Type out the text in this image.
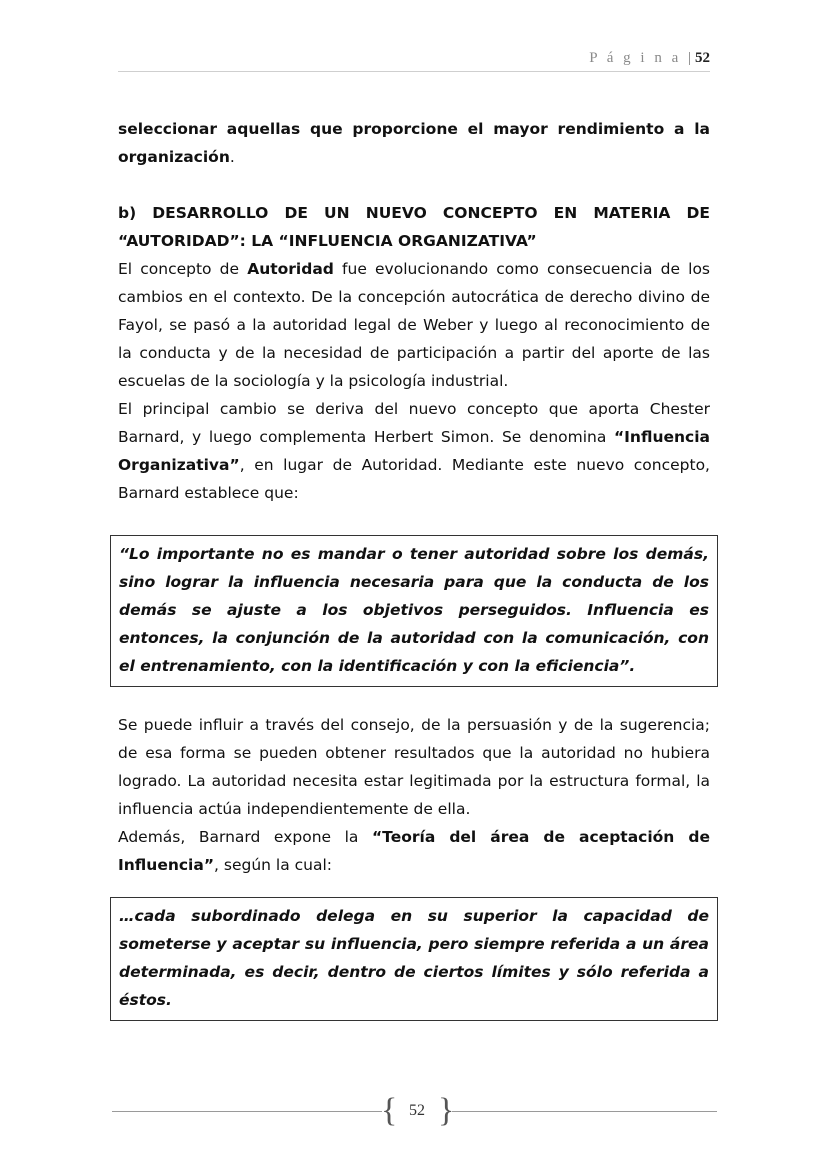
P á g i n a | 52

seleccionar aquellas que proporcione el mayor rendimiento a la organización.

b) DESARROLLO DE UN NUEVO CONCEPTO EN MATERIA DE “AUTORIDAD”: LA “INFLUENCIA ORGANIZATIVA”

El concepto de Autoridad fue evolucionando como consecuencia de los cambios en el contexto. De la concepción autocrática de derecho divino de Fayol, se pasó a la autoridad legal de Weber y luego al reconocimiento de la conducta y de la necesidad de participación a partir del aporte de las escuelas de la sociología y la psicología industrial.

El principal cambio se deriva del nuevo concepto que aporta Chester Barnard, y luego complementa Herbert Simon. Se denomina “Influencia Organizativa”, en lugar de Autoridad. Mediante este nuevo concepto, Barnard establece que:

“Lo importante no es mandar o tener autoridad sobre los demás, sino lograr la influencia necesaria para que la conducta de los demás se ajuste a los objetivos perseguidos. Influencia es entonces, la conjunción de la autoridad con la comunicación, con el entrenamiento, con la identificación y con la eficiencia”.

Se puede influir a través del consejo, de la persuasión y de la sugerencia; de esa forma se pueden obtener resultados que la autoridad no hubiera logrado. La autoridad necesita estar legitimada por la estructura formal, la influencia actúa independientemente de ella.

Además, Barnard expone la “Teoría del área de aceptación de Influencia”, según la cual:

…cada subordinado delega en su superior la capacidad de someterse y aceptar su influencia, pero siempre referida a un área determinada, es decir, dentro de ciertos límites y sólo referida a éstos.
{ 52 }
